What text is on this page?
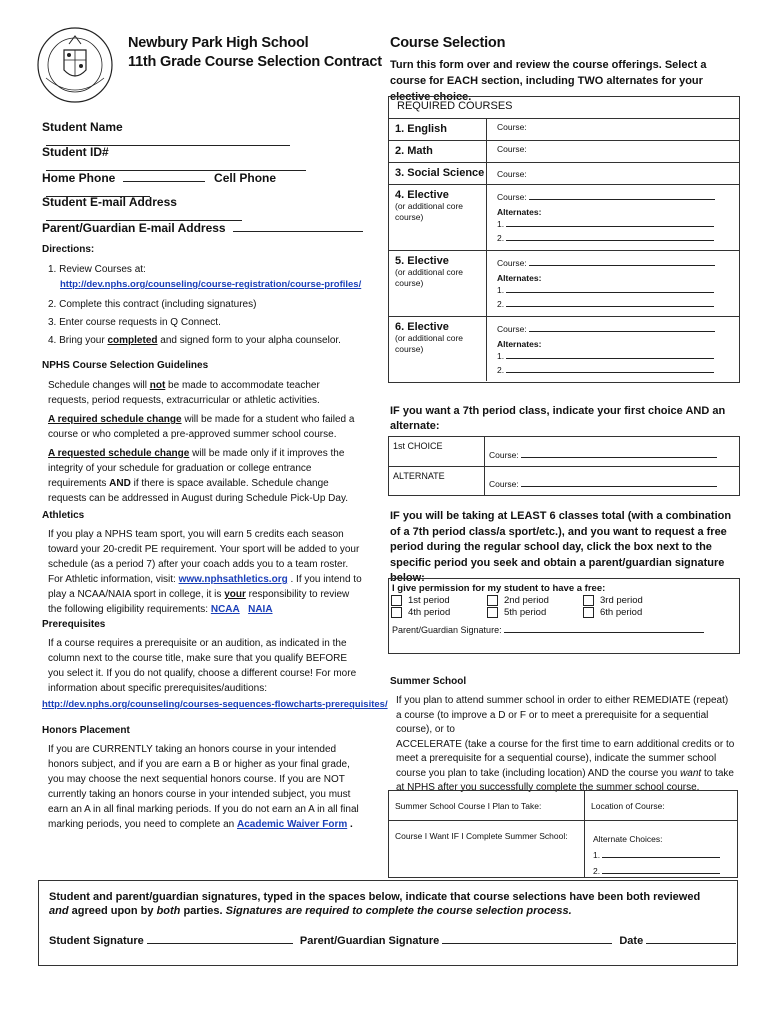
Newbury Park High School
11th Grade Course Selection Contract
Course Selection
Turn this form over and review the course offerings. Select a course for EACH section, including TWO alternates for your elective choice.
Student Name
Student ID#
Home Phone	Cell Phone
Student E-mail Address
Parent/Guardian E-mail Address
Directions:
1. Review Courses at:
http://dev.nphs.org/counseling/course-registration/course-profiles/
2. Complete this contract (including signatures)
3. Enter course requests in Q Connect.
4. Bring your completed and signed form to your alpha counselor.
NPHS Course Selection Guidelines

Schedule changes will not be made to accommodate teacher requests, period requests, extracurricular or athletic activities.

A required schedule change will be made for a student who failed a course or who completed a pre-approved summer school course.

A requested schedule change will be made only if it improves the integrity of your schedule for graduation or college entrance requirements AND if there is space available. Schedule change requests can be addressed in August during Schedule Pick-Up Day.

Athletics
If you play a NPHS team sport, you will earn 5 credits each season toward your 20-credit PE requirement. Your sport will be added to your schedule (as a period 7) after your coach adds you to a team roster. For Athletic information, visit: www.nphsathletics.org . If you intend to play a NCAA/NAIA sport in college, it is your responsibility to review the following eligibility requirements: NCAA NAIA
Prerequisites
If a course requires a prerequisite or an audition, as indicated in the column next to the course title, make sure that you qualify BEFORE you select it. If you do not qualify, choose a different course! For more information about specific prerequisites/auditions:
http://dev.nphs.org/counseling/courses-sequences-flowcharts-prerequisites/
Honors Placement
If you are CURRENTLY taking an honors course in your intended honors subject, and if you are earn a B or higher as your final grade, you may choose the next sequential honors course. If you are NOT currently taking an honors course in your intended subject, you must earn an A in all final marking periods. If you do not earn an A in all final marking periods, you need to complete an Academic Waiver Form .
REQUIRED COURSES
1. English	Course:
2. Math	Course:
3. Social Science	Course:
4. Elective
(or additional core course)
Course:
Alternates:
1.
2.
5. Elective
(or additional core course)
Course:
Alternates:
1.
2.
6. Elective
(or additional core course)
Course:
Alternates:
1.
2.
IF you want a 7th period class, indicate your first choice AND an alternate:
1st CHOICE
Course:
ALTERNATE
Course:
IF you will be taking at LEAST 6 classes total (with a combination of a 7th period class/a sport/etc.), and you want to request a free period during the regular school day, click the box next to the specific period you seek and obtain a parent/guardian signature below:
I give permission for my student to have a free:
1st period	2nd period	3rd period
4th period	5th period	6th period
Parent/Guardian Signature:
Summer School

If you plan to attend summer school in order to either REMEDIATE (repeat) a course (to improve a D or F or to meet a prerequisite for a sequential course), or to

ACCELERATE (take a course for the first time to earn additional credits or to meet a prerequisite for a sequential course), indicate the summer school course you plan to take (including location) AND the course you want to take at NPHS after you successfully complete the summer school course.

Summer School Course I Plan to Take:	Location of Course:
Course I Want IF I Complete Summer School:	Alternate Choices:
1.
2.
Student and parent/guardian signatures, typed in the spaces below, indicate that course selections have been both reviewed and agreed upon by both parties. Signatures are required to complete the course selection process.
Student Signature	Parent/Guardian Signature	Date
